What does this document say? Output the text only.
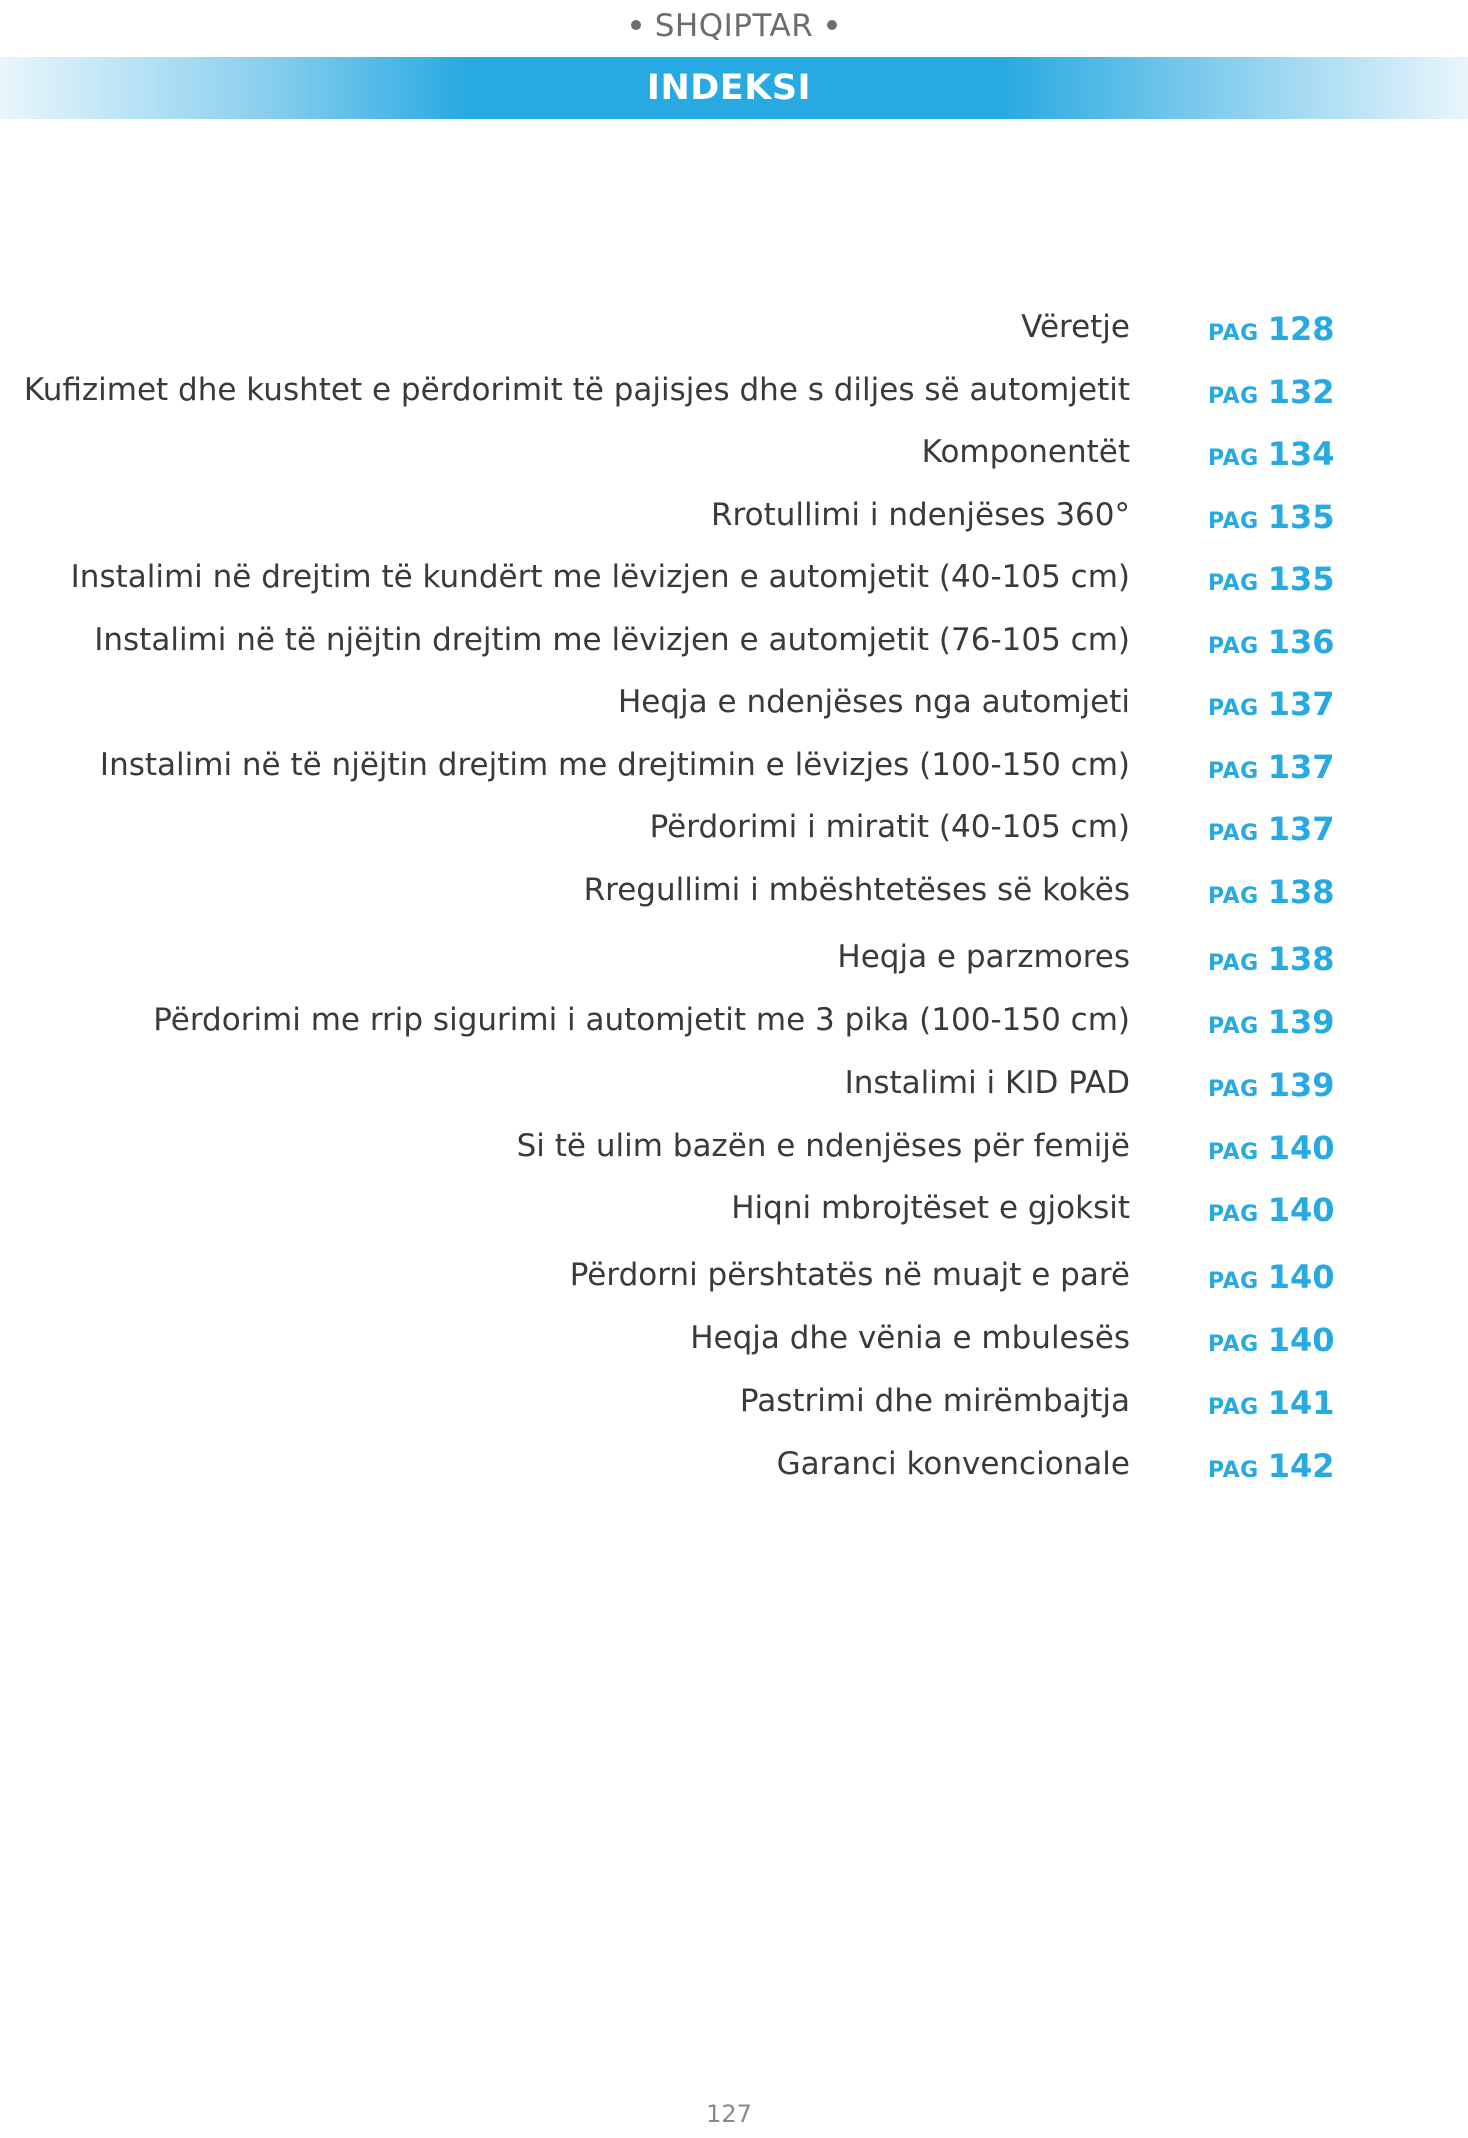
SHQIPTAR
INDEKSI
Vëretje	PAG 128
Kufizimet dhe kushtet e përdorimit të pajisjes dhe s diljes së automjetit	PAG 132
Komponentët	PAG 134
Rrotullimi i ndenjëses 360°	PAG 135
Instalimi në drejtim të kundërt me lëvizjen e automjetit (40-105 cm)	PAG 135
Instalimi në të njëjtin drejtim me lëvizjen e automjetit (76-105 cm)	PAG 136
Heqja e ndenjëses nga automjeti	PAG 137
Instalimi në të njëjtin drejtim me drejtimin e lëvizjes (100-150 cm)	PAG 137
Përdorimi i miratit (40-105 cm)	PAG 137
Rregullimi i mbështetëses së kokës	PAG 138
Heqja e parzmores	PAG 138
Përdorimi me rrip sigurimi i automjetit me 3 pika (100-150 cm)	PAG 139
Instalimi i KID PAD	PAG 139
Si të ulim bazën e ndenjëses për femijë	PAG 140
Hiqni mbrojtëset e gjoksit	PAG 140
Përdorni përshtatës në muajt e parë	PAG 140
Heqja dhe vënia e mbulesës	PAG 140
Pastrimi dhe mirëmbajtja	PAG 141
Garanci konvencionale	PAG 142
127
